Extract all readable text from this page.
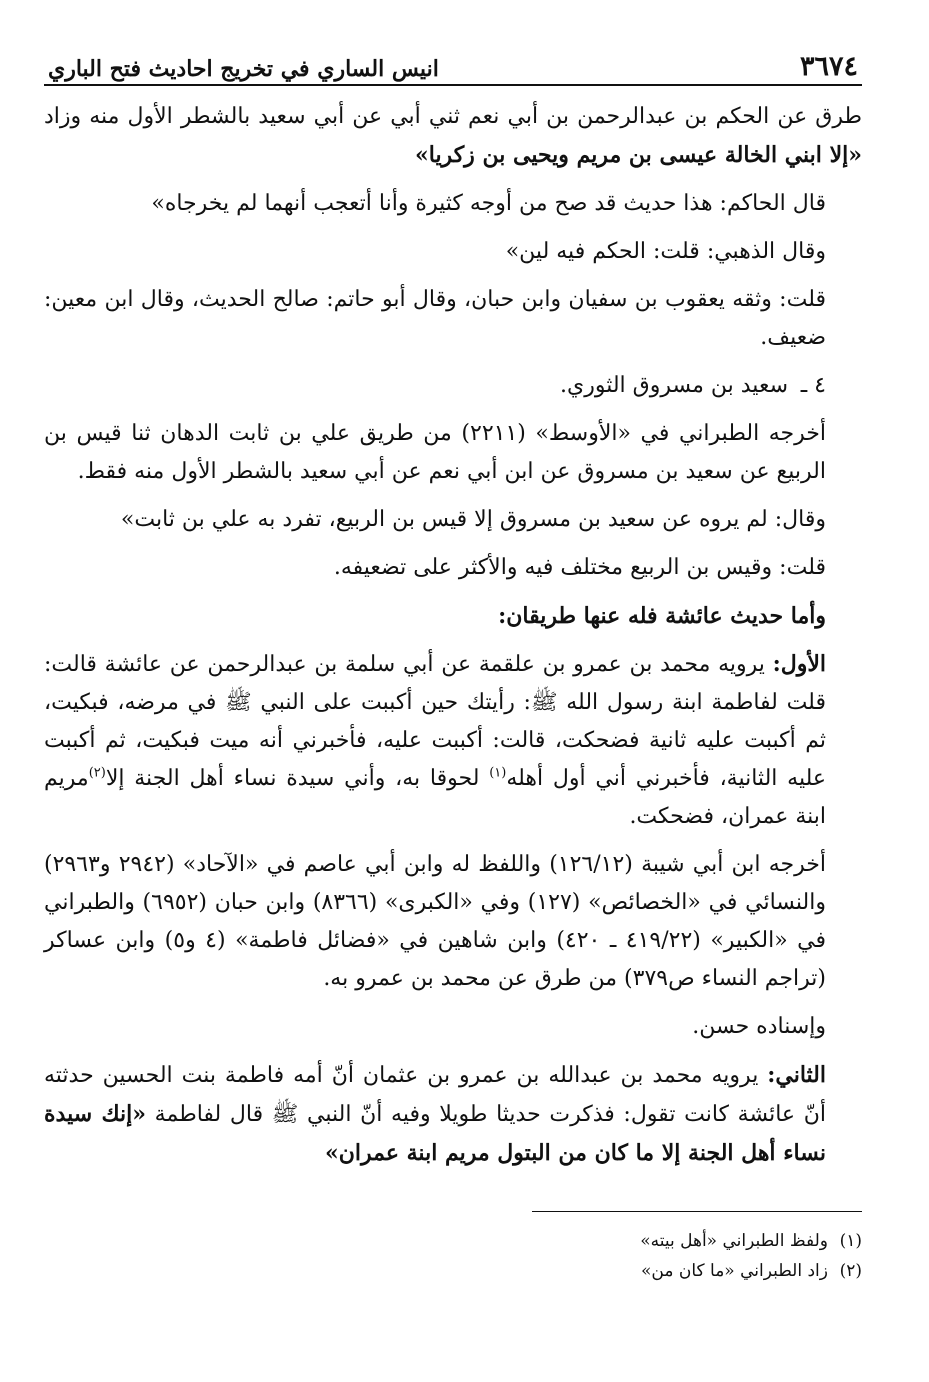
٣٦٧٤
انيس الساري في تخريج احاديث فتح الباري

طرق عن الحكم بن عبدالرحمن بن أبي نعم ثني أبي عن أبي سعيد بالشطر الأول منه وزاد «إلا ابني الخالة عيسى بن مريم ويحيى بن زكريا»

قال الحاكم: هذا حديث قد صح من أوجه كثيرة وأنا أتعجب أنهما لم يخرجاه»

وقال الذهبي: قلت: الحكم فيه لين»

قلت: وثقه يعقوب بن سفيان وابن حبان، وقال أبو حاتم: صالح الحديث، وقال ابن معين: ضعيف.

٤ ـسعيد بن مسروق الثوري.

أخرجه الطبراني في «الأوسط» (٢٢١١) من طريق علي بن ثابت الدهان ثنا قيس بن الربيع عن سعيد بن مسروق عن ابن أبي نعم عن أبي سعيد بالشطر الأول منه فقط.

وقال: لم يروه عن سعيد بن مسروق إلا قيس بن الربيع، تفرد به علي بن ثابت»

قلت: وقيس بن الربيع مختلف فيه والأكثر على تضعيفه.

وأما حديث عائشة فله عنها طريقان:

الأول: يرويه محمد بن عمرو بن علقمة عن أبي سلمة بن عبدالرحمن عن عائشة قالت: قلت لفاطمة ابنة رسول الله ﷺ: رأيتك حين أكببت على النبي ﷺ في مرضه، فبكيت، ثم أكببت عليه ثانية فضحكت، قالت: أكببت عليه، فأخبرني أنه ميت فبكيت، ثم أكببت عليه الثانية، فأخبرني أني أول أهله$^{(١)}$ لحوقا به، وأني سيدة نساء أهل الجنة إلا$^{(٢)}$مريم ابنة عمران، فضحكت.

أخرجه ابن أبي شيبة (١٢٦/١٢) واللفظ له وابن أبي عاصم في «الآحاد» (٢٩٤٢ و٢٩٦٣) والنسائي في «الخصائص» (١٢٧) وفي «الكبرى» (٨٣٦٦) وابن حبان (٦٩٥٢) والطبراني في «الكبير» (٤١٩/٢٢ ـ ٤٢٠) وابن شاهين في «فضائل فاطمة» (٤ و٥) وابن عساكر (تراجم النساء ص٣٧٩) من طرق عن محمد بن عمرو به.

وإسناده حسن.

الثاني: يرويه محمد بن عبدالله بن عمرو بن عثمان أنّ أمه فاطمة بنت الحسين حدثته أنّ عائشة كانت تقول: فذكرت حديثا طويلا وفيه أنّ النبي ﷺ قال لفاطمة «إنك سيدة نساء أهل الجنة إلا ما كان من البتول مريم ابنة عمران»

(١)ولفظ الطبراني «أهل بيته»
(٢)زاد الطبراني «ما كان من»
